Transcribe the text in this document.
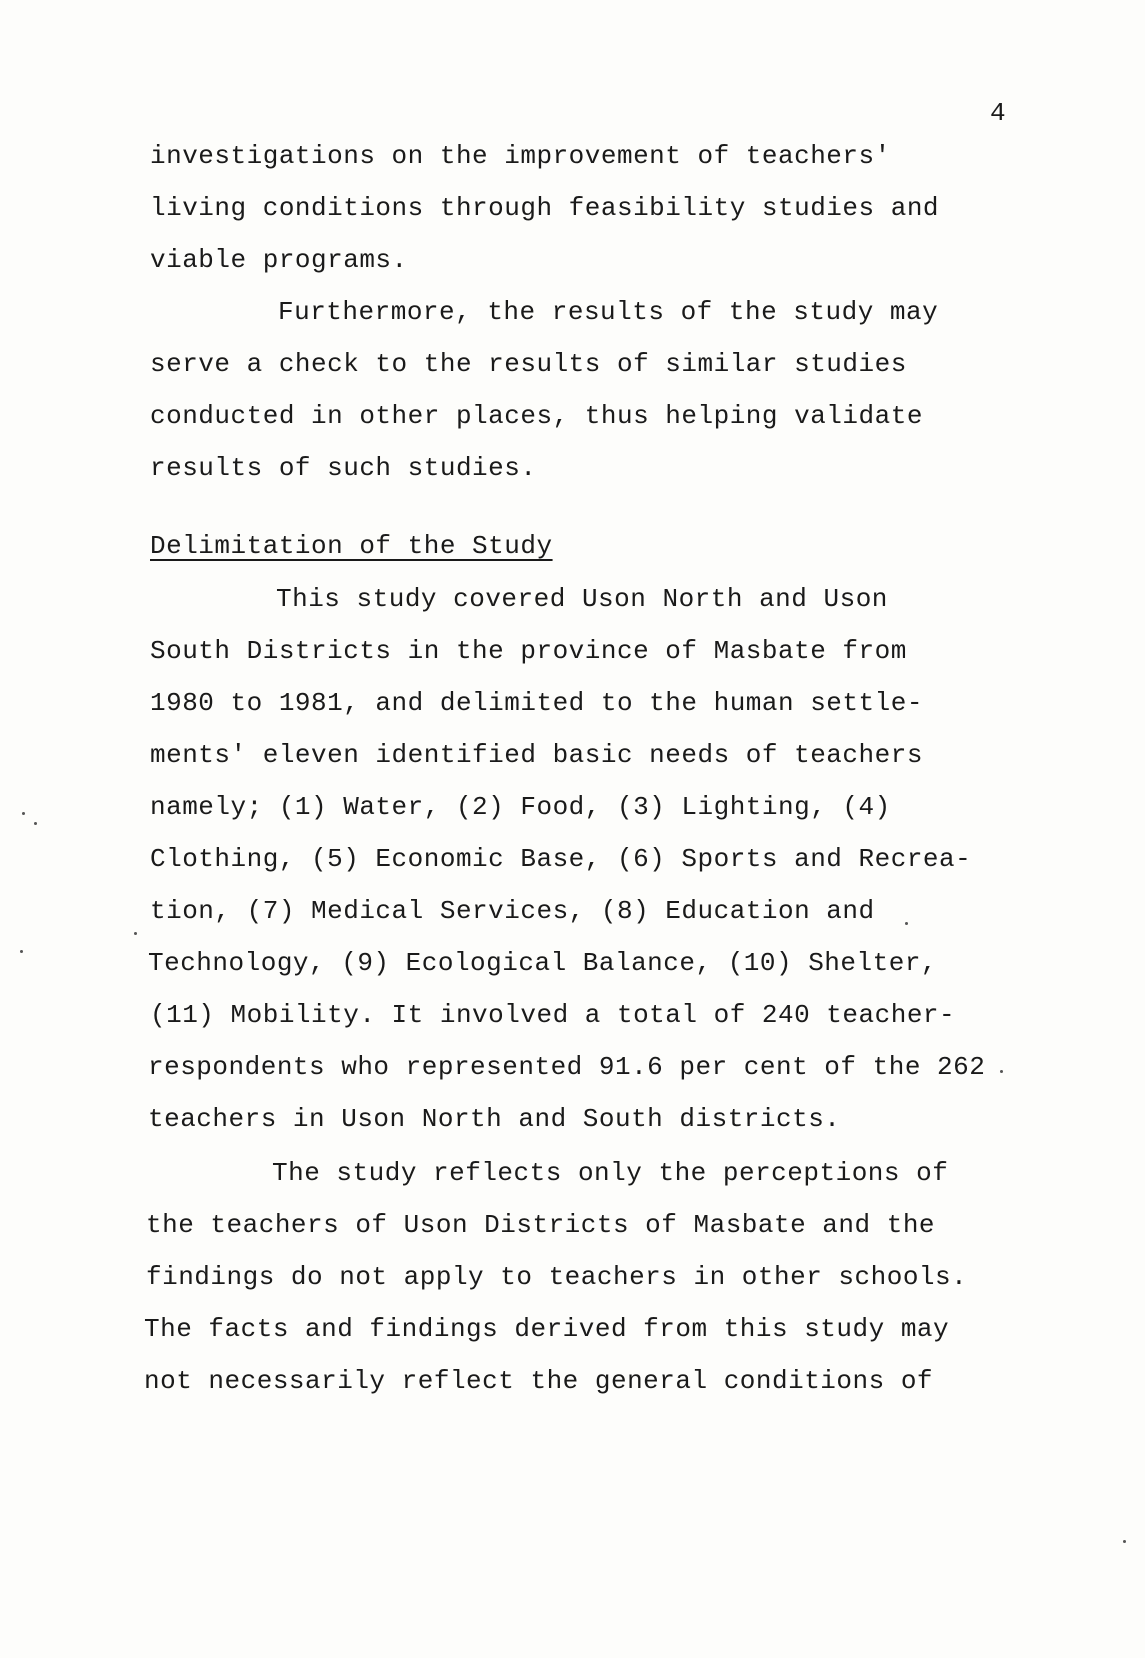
4
investigations on the improvement of teachers'
living conditions through feasibility studies and
viable programs.
Furthermore, the results of the study may
serve a check to the results of similar studies
conducted in other places, thus helping validate
results of such studies.
Delimitation of the Study
This study covered Uson North and Uson
South Districts in the province of Masbate from
1980 to 1981, and delimited to the human settle-
ments' eleven identified basic needs of teachers
namely; (1) Water, (2) Food, (3) Lighting, (4)
Clothing, (5) Economic Base, (6) Sports and Recrea-
tion, (7) Medical Services, (8) Education and
Technology, (9) Ecological Balance, (10) Shelter,
(11) Mobility. It involved a total of 240 teacher-
respondents who represented 91.6 per cent of the 262
teachers in Uson North and South districts.
The study reflects only the perceptions of
the teachers of Uson Districts of Masbate and the
findings do not apply to teachers in other schools.
The facts and findings derived from this study may
not necessarily reflect the general conditions of
